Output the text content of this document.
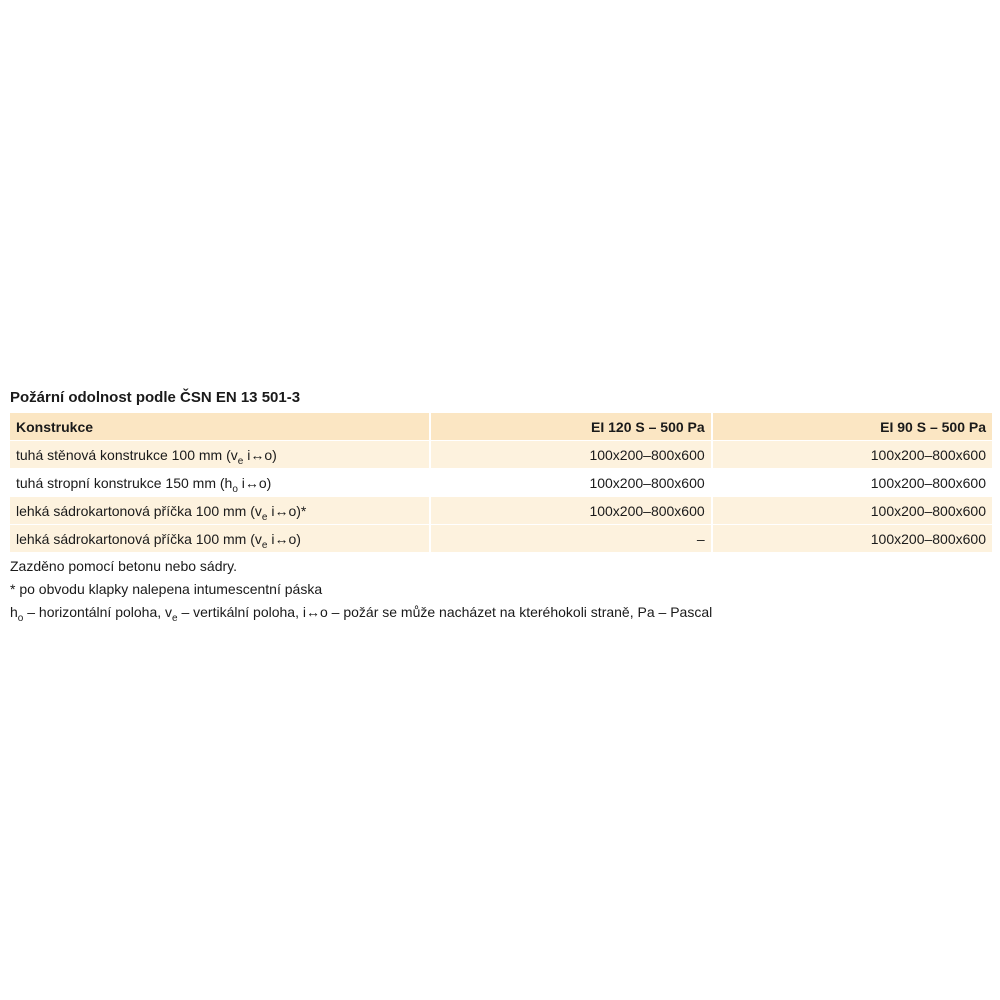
Požární odolnost podle ČSN EN 13 501-3
Konstrukce	EI 120 S – 500 Pa	EI 90 S – 500 Pa
tuhá stěnová konstrukce 100 mm ($v_e$ i↔o)	100x200–800x600	100x200–800x600
tuhá stropní konstrukce 150 mm ($h_o$ i↔o)	100x200–800x600	100x200–800x600
lehká sádrokartonová příčka 100 mm ($v_e$ i↔o)*	100x200–800x600	100x200–800x600
lehká sádrokartonová příčka 100 mm ($v_e$ i↔o)	–	100x200–800x600
Zazděno pomocí betonu nebo sádry.
* po obvodu klapky nalepena intumescentní páska
$h_o$ – horizontální poloha, $v_e$ – vertikální poloha, i↔o – požár se může nacházet na kteréhokoli straně, Pa – Pascal
